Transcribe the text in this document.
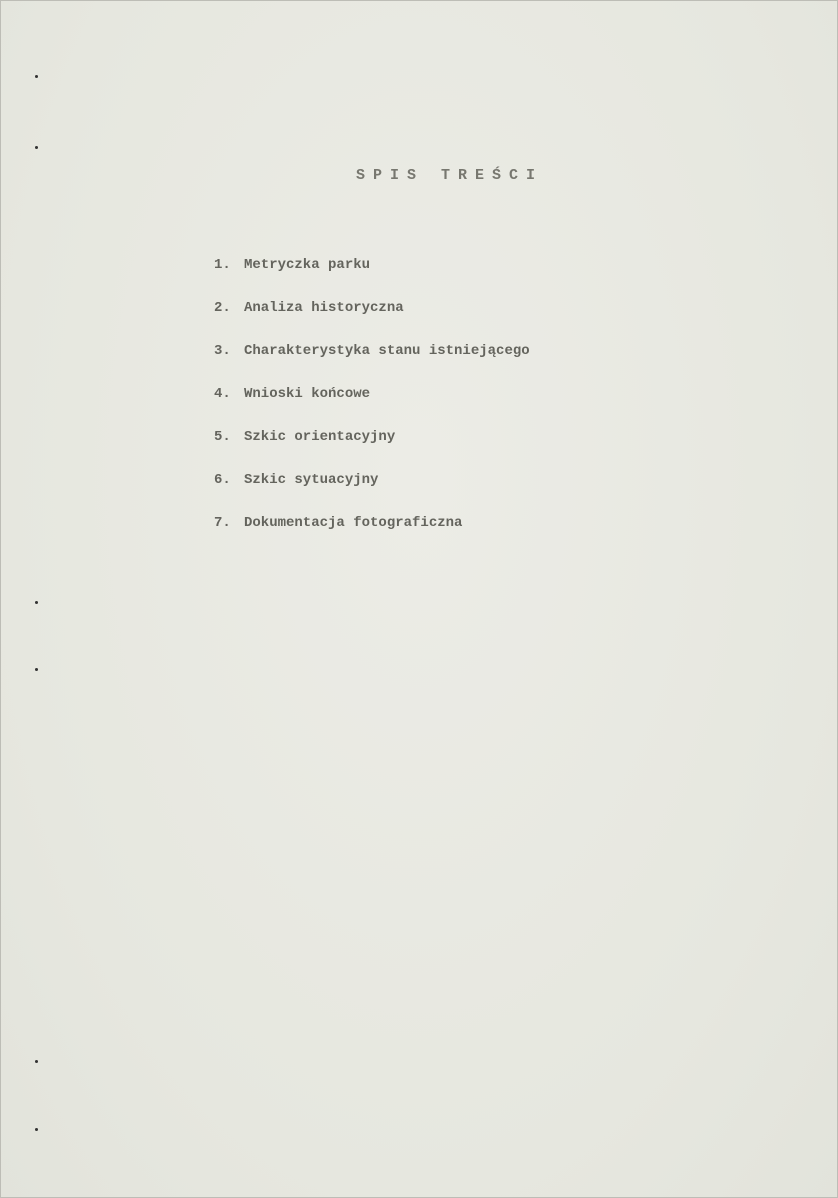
SPIS TREŚCI
1. Metryczka parku
2. Analiza historyczna
3. Charakterystyka stanu istniejącego
4. Wnioski końcowe
5. Szkic orientacyjny
6. Szkic sytuacyjny
7. Dokumentacja fotograficzna
